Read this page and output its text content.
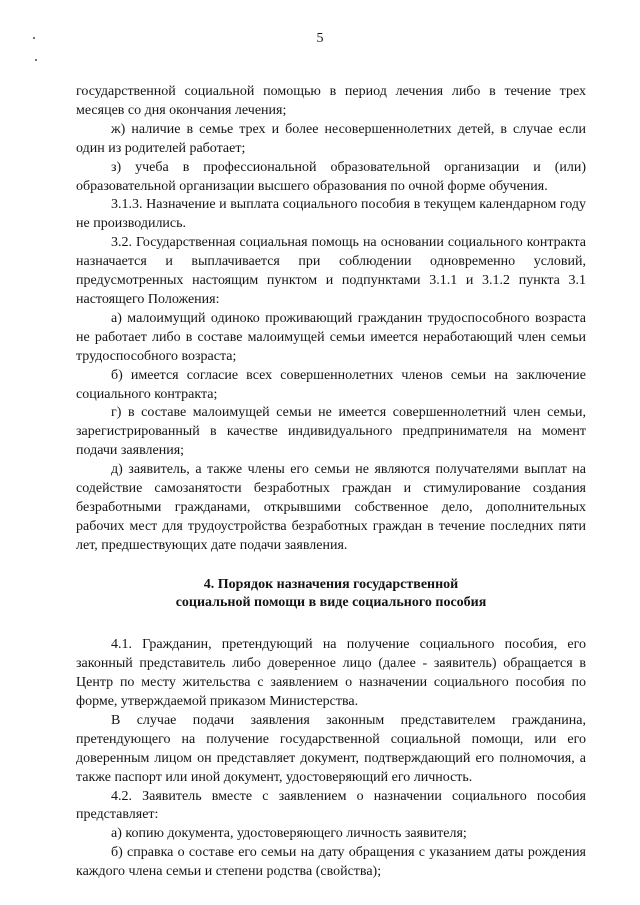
5

государственной социальной помощью в период лечения либо в течение трех месяцев со дня окончания лечения;

ж) наличие в семье трех и более несовершеннолетних детей, в случае если один из родителей работает;

з) учеба в профессиональной образовательной организации и (или) образовательной организации высшего образования по очной форме обучения.

3.1.3. Назначение и выплата социального пособия в текущем календарном году не производились.

3.2. Государственная социальная помощь на основании социального контракта назначается и выплачивается при соблюдении одновременно условий, предусмотренных настоящим пунктом и подпунктами 3.1.1 и 3.1.2 пункта 3.1 настоящего Положения:

а) малоимущий одиноко проживающий гражданин трудоспособного возраста не работает либо в составе малоимущей семьи имеется неработающий член семьи трудоспособного возраста;

б) имеется согласие всех совершеннолетних членов семьи на заключение социального контракта;

г) в составе малоимущей семьи не имеется совершеннолетний член семьи, зарегистрированный в качестве индивидуального предпринимателя на момент подачи заявления;

д) заявитель, а также члены его семьи не являются получателями выплат на содействие самозанятости безработных граждан и стимулирование создания безработными гражданами, открывшими собственное дело, дополнительных рабочих мест для трудоустройства безработных граждан в течение последних пяти лет, предшествующих дате подачи заявления.

4. Порядок назначения государственной
социальной помощи в виде социального пособия

4.1. Гражданин, претендующий на получение социального пособия, его законный представитель либо доверенное лицо (далее - заявитель) обращается в Центр по месту жительства с заявлением о назначении социального пособия по форме, утверждаемой приказом Министерства.

В случае подачи заявления законным представителем гражданина, претендующего на получение государственной социальной помощи, или его доверенным лицом он представляет документ, подтверждающий его полномочия, а также паспорт или иной документ, удостоверяющий его личность.

4.2. Заявитель вместе с заявлением о назначении социального пособия представляет:

а) копию документа, удостоверяющего личность заявителя;

б) справка о составе его семьи на дату обращения с указанием даты рождения каждого члена семьи и степени родства (свойства);
